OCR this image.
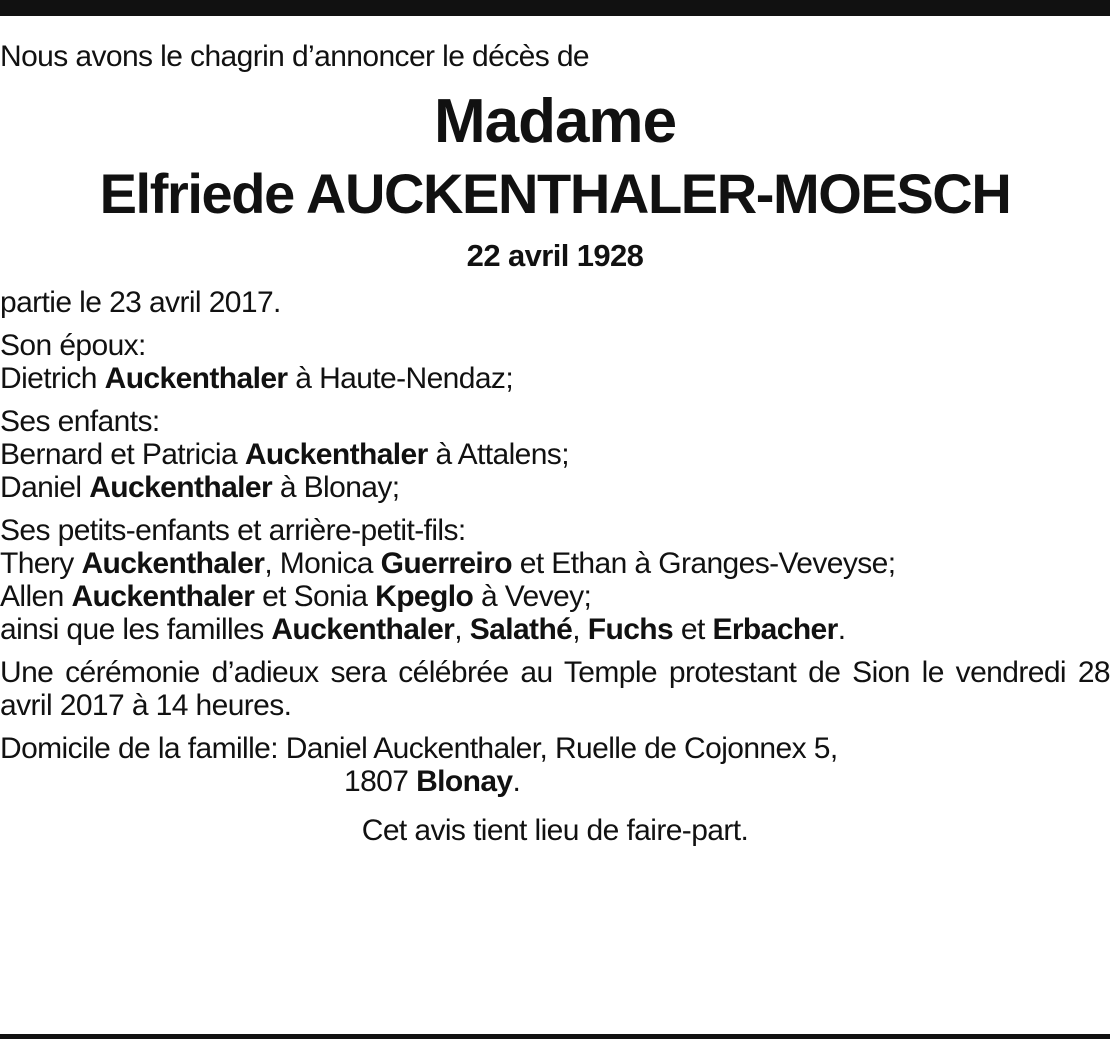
Nous avons le chagrin d’annoncer le décès de
Madame
Elfriede AUCKENTHALER-MOESCH
22 avril 1928
partie le 23 avril 2017.
Son époux:
Dietrich Auckenthaler à Haute-Nendaz;
Ses enfants:
Bernard et Patricia Auckenthaler à Attalens;
Daniel Auckenthaler à Blonay;
Ses petits-enfants et arrière-petit-fils:
Thery Auckenthaler, Monica Guerreiro et Ethan à Granges-Veveyse;
Allen Auckenthaler et Sonia Kpeglo à Vevey;
ainsi que les familles Auckenthaler, Salathé, Fuchs et Erbacher.
Une cérémonie d’adieux sera célébrée au Temple protestant de Sion le vendredi 28 avril 2017 à 14 heures.
Domicile de la famille: Daniel Auckenthaler, Ruelle de Cojonnex 5,
1807 Blonay.
Cet avis tient lieu de faire-part.
